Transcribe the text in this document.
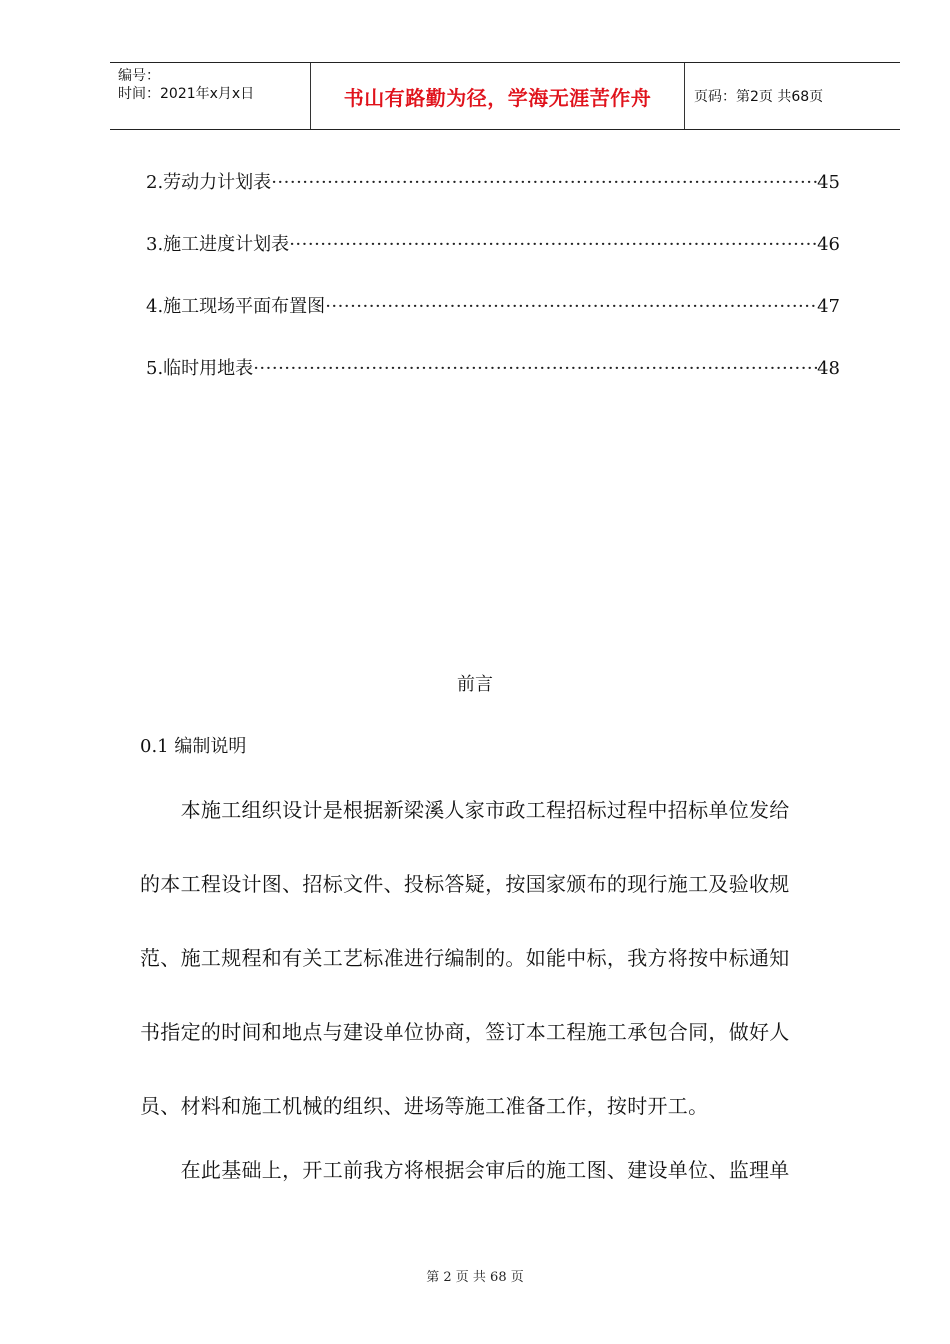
编号：
时间：2021年x月x日	书山有路勤为径，学海无涯苦作舟	页码：第2页 共68页
2.劳动力计划表 ·····	45
3.施工进度计划表 ·····	46
4.施工现场平面布置图 ·····	47
5.临时用地表 ·····	48
前言
0.1 编制说明
　　本施工组织设计是根据新梁溪人家市政工程招标过程中招标单位发给
的本工程设计图、招标文件、投标答疑，按国家颁布的现行施工及验收规
范、施工规程和有关工艺标准进行编制的。如能中标，我方将按中标通知
书指定的时间和地点与建设单位协商，签订本工程施工承包合同，做好人
员、材料和施工机械的组织、进场等施工准备工作，按时开工。
　　在此基础上，开工前我方将根据会审后的施工图、建设单位、监理单
第 2 页 共 68 页
